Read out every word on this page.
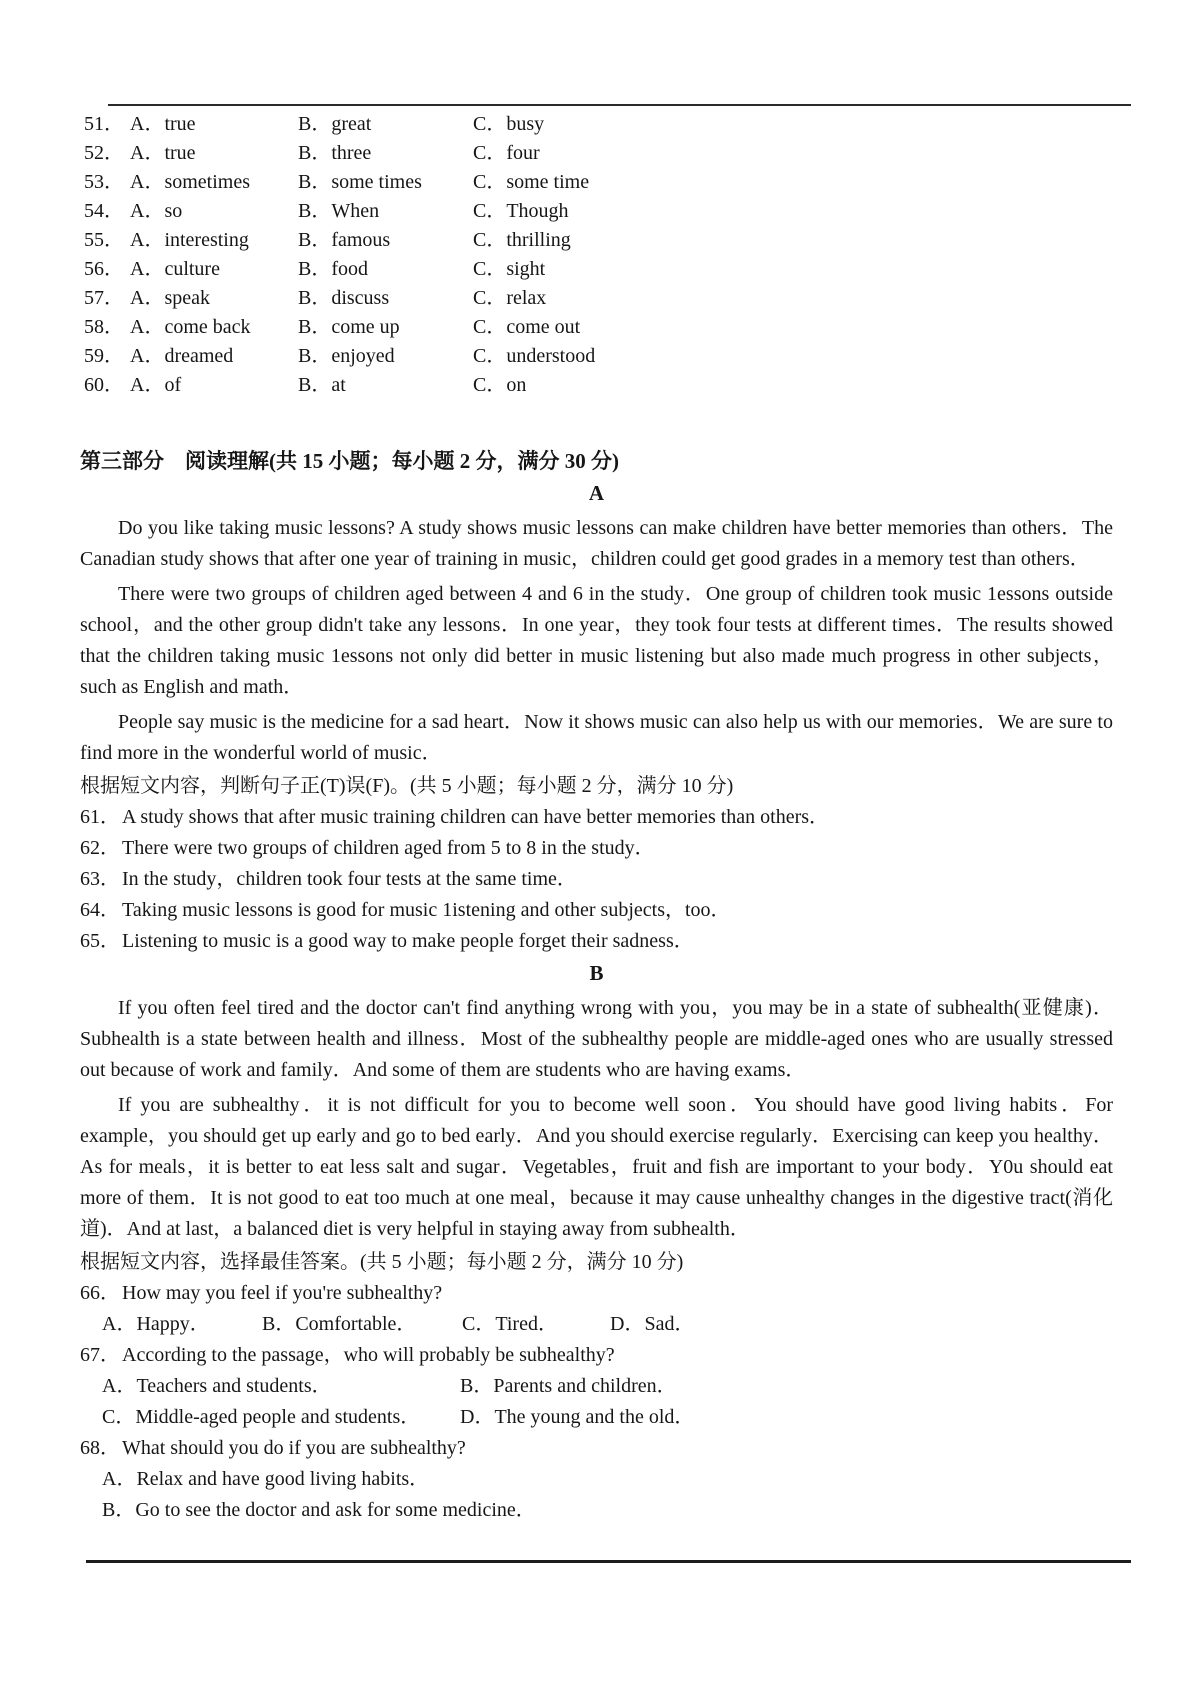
51． A．true	B．great	C．busy
52． A．true	B．three	C．four
53． A．sometimes B．some times	C．some time
54． A．so	B．When	C．Though
55． A．interesting B．famous	C．thrilling
56． A．culture	B．food	C．sight
57． A．speak	B．discuss	C．relax
58． A．come back B．come up	C．come out
59． A．dreamed	B．enjoyed	C．understood
60． A．of	B．at	C．on
第三部分　阅读理解(共 15 小题；每小题 2 分，满分 30 分)
A

Do you like taking music lessons? A study shows music lessons can make children have better memories than others．The Canadian study shows that after one year of training in music，children could get good grades in a memory test than others．

There were two groups of children aged between 4 and 6 in the study．One group of children took music 1essons outside school，and the other group didn't take any lessons．In one year，they took four tests at different times．The results showed that the children taking music 1essons not only did better in music listening but also made much progress in other subjects，such as English and math．

People say music is the medicine for a sad heart．Now it shows music can also help us with our memories．We are sure to find more in the wonderful world of music．

根据短文内容，判断句子正(T)误(F)。(共 5 小题；每小题 2 分，满分 10 分)
61． A study shows that after music training children can have better memories than others．
62． There were two groups of children aged from 5 to 8 in the study．
63． In the study，children took four tests at the same time．
64． Taking music lessons is good for music 1istening and other subjects，too．
65． Listening to music is a good way to make people forget their sadness．
B

If you often feel tired and the doctor can't find anything wrong with you，you may be in a state of subhealth(亚健康)．Subhealth is a state between health and illness．Most of the subhealthy people are middle-aged ones who are usually stressed out because of work and family．And some of them are students who are having exams．

If you are subhealthy．it is not difficult for you to become well soon．You should have good living habits．For example，you should get up early and go to bed early．And you should exercise regularly．Exercising can keep you healthy．As for meals，it is better to eat less salt and sugar．Vegetables，fruit and fish are important to your body．Y0u should eat more of them．It is not good to eat too much at one meal，because it may cause unhealthy changes in the digestive tract(消化道)．And at last，a balanced diet is very helpful in staying away from subhealth．

根据短文内容，选择最佳答案。(共 5 小题；每小题 2 分，满分 10 分)
66． How may you feel if you're subhealthy?
A．Happy．	B．Comfortable． C．Tired．	D．Sad．
67． According to the passage，who will probably be subhealthy?
A．Teachers and students．	B．Parents and children．
C．Middle-aged people and students． D．The young and the old．
68． What should you do if you are subhealthy?
A．Relax and have good living habits．
B．Go to see the doctor and ask for some medicine．
